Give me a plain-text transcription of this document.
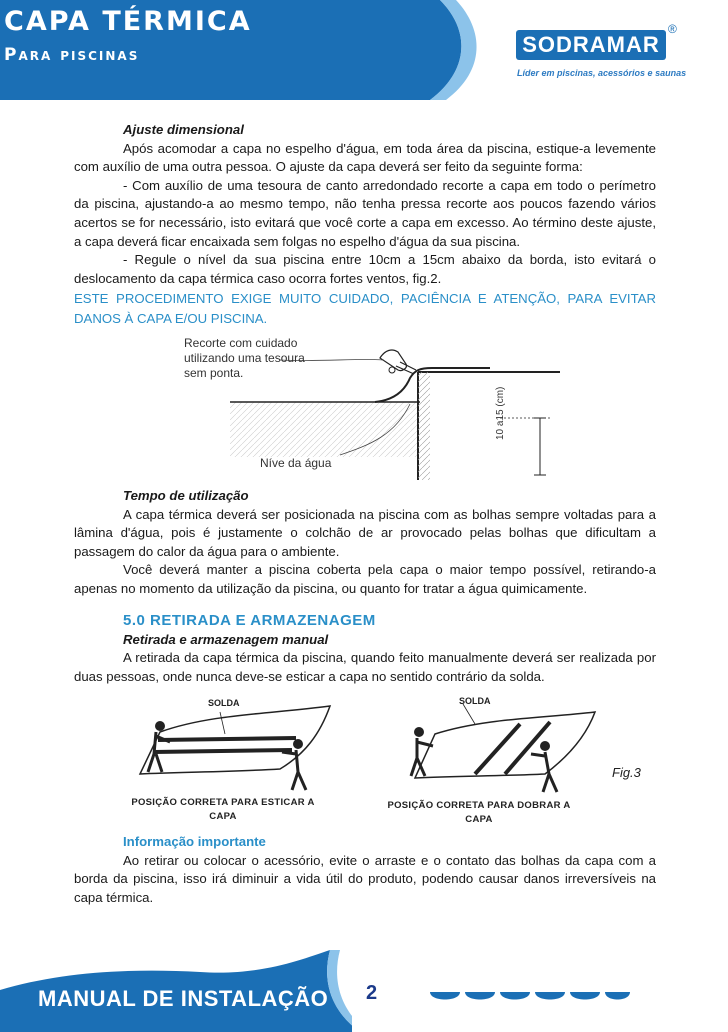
CAPA TÉRMICA
Para piscinas	SODRAMAR
®
Líder em piscinas, acessórios e saunas

Ajuste dimensional

Após acomodar a capa no espelho d'água, em toda área da piscina, estique-a levemente com auxílio de uma outra pessoa. O ajuste da capa deverá ser feito da seguinte forma:

- Com auxílio de uma tesoura de canto arredondado recorte a capa em todo o perímetro da piscina, ajustando-a ao mesmo tempo, não tenha pressa recorte aos poucos fazendo vários acertos se for necessário, isto evitará que você corte a capa em excesso. Ao término deste ajuste, a capa deverá ficar encaixada sem folgas no espelho d'água da sua piscina.

- Regule o nível da sua piscina entre 10cm a 15cm abaixo da borda, isto evitará o deslocamento da capa térmica caso ocorra fortes ventos, fig.2.

ESTE PROCEDIMENTO EXIGE MUITO CUIDADO, PACIÊNCIA E ATENÇÃO, PARA EVITAR DANOS À CAPA E/OU PISCINA.

Recorte com cuidado
utilizando uma tesoura
sem ponta.
Níve da água
10 a15 (cm)

Tempo de utilização

A capa térmica deverá ser posicionada na piscina com as bolhas sempre voltadas para a lâmina d'água, pois é justamente o colchão de ar provocado pelas bolhas que dificultam a passagem do calor da água para o ambiente.

Você deverá manter a piscina coberta pela capa o maior tempo possível, retirando-a apenas no momento da utilização da piscina, ou quanto for tratar a água quimicamente.

5.0 RETIRADA E ARMAZENAGEM

Retirada e armazenagem manual

A retirada da capa térmica da piscina, quando feito manualmente deverá ser realizada por duas pessoas, onde nunca deve-se esticar a capa no sentido contrário da solda.

SOLDA
POSIÇÃO CORRETA PARA ESTICAR A
CAPA
SOLDA
POSIÇÃO CORRETA PARA DOBRAR A
CAPA
Fig.3

Informação importante

Ao retirar ou colocar o acessório, evite o arraste e o contato das bolhas da capa com a borda da piscina, isso irá diminuir a vida útil do produto, podendo causar danos irreversíveis na capa térmica.

MANUAL DE INSTALAÇÃO 2
